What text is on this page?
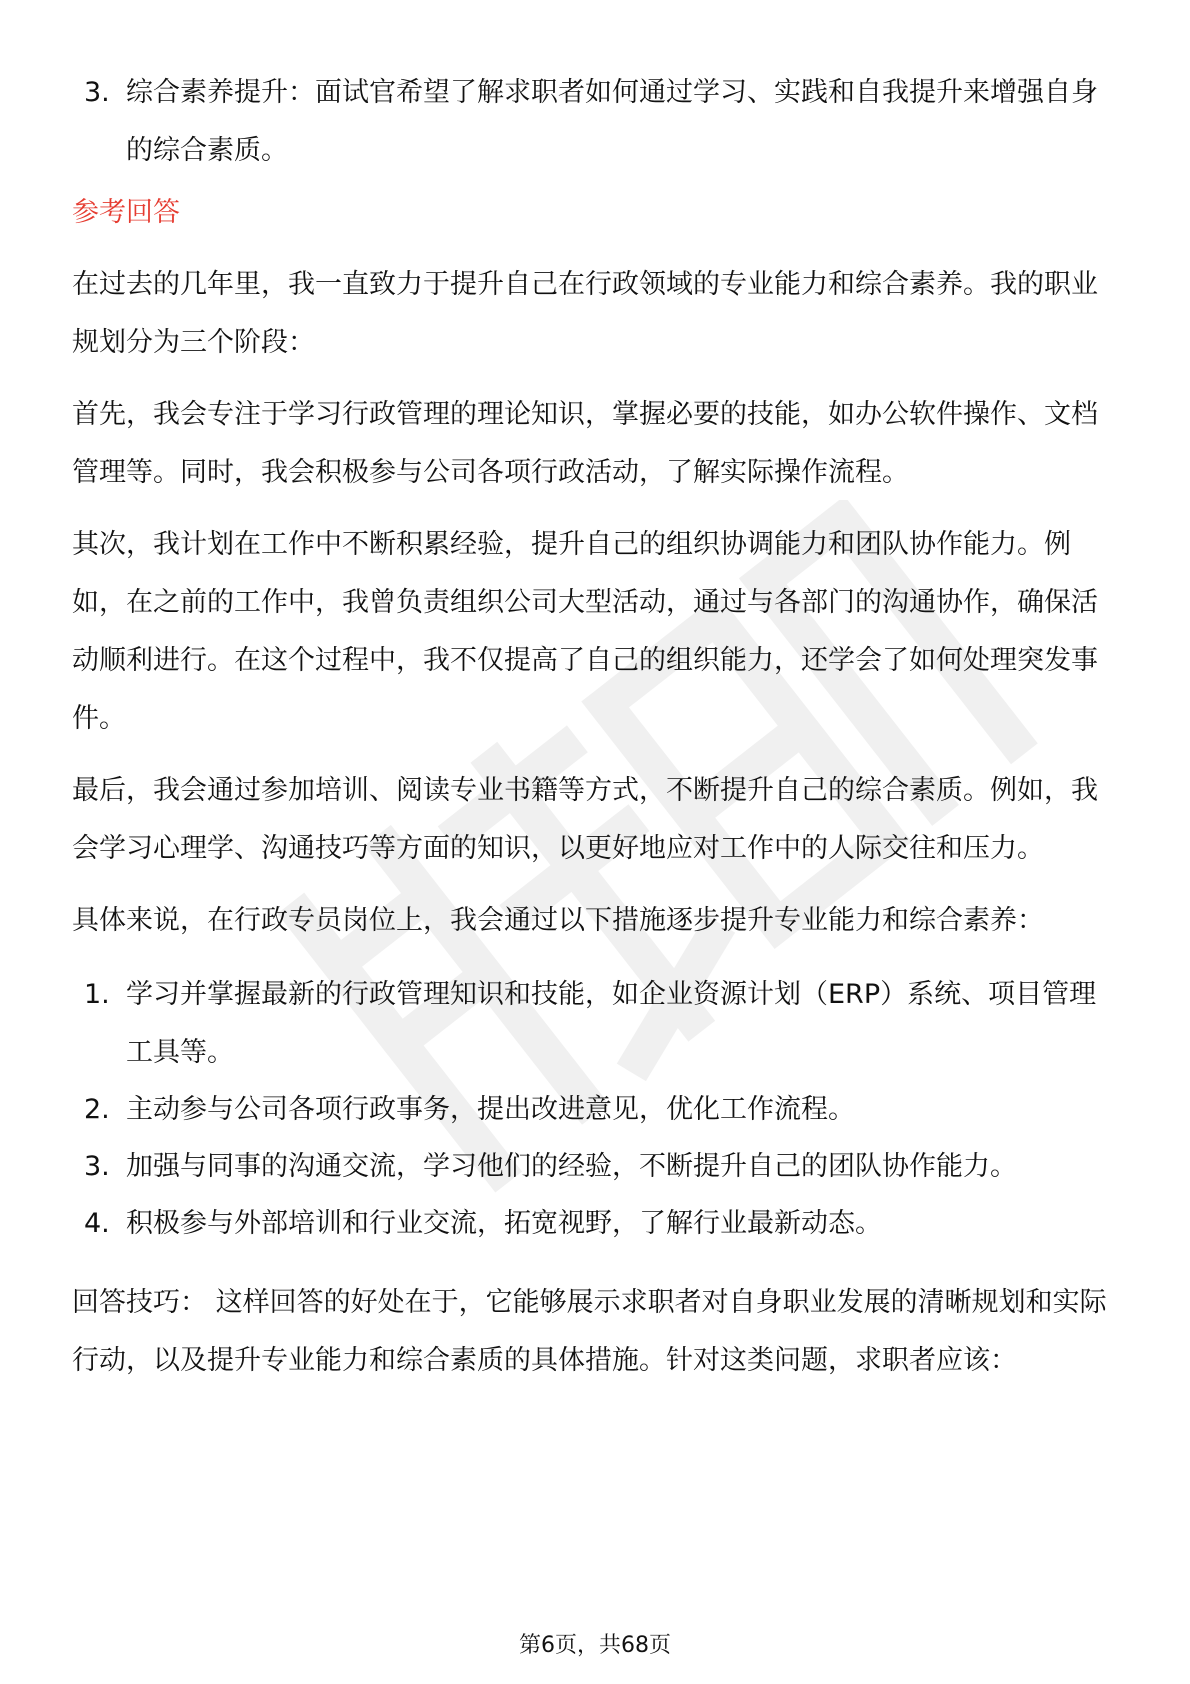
3. 综合素养提升：面试官希望了解求职者如何通过学习、实践和自我提升来增强自身的综合素质。
参考回答

在过去的几年里，我一直致力于提升自己在行政领域的专业能力和综合素养。我的职业规划分为三个阶段：

首先，我会专注于学习行政管理的理论知识，掌握必要的技能，如办公软件操作、文档管理等。同时，我会积极参与公司各项行政活动，了解实际操作流程。

其次，我计划在工作中不断积累经验，提升自己的组织协调能力和团队协作能力。例如，在之前的工作中，我曾负责组织公司大型活动，通过与各部门的沟通协作，确保活动顺利进行。在这个过程中，我不仅提高了自己的组织能力，还学会了如何处理突发事件。

最后，我会通过参加培训、阅读专业书籍等方式，不断提升自己的综合素质。例如，我会学习心理学、沟通技巧等方面的知识，以更好地应对工作中的人际交往和压力。

具体来说，在行政专员岗位上，我会通过以下措施逐步提升专业能力和综合素养：

1. 学习并掌握最新的行政管理知识和技能，如企业资源计划（ERP）系统、项目管理工具等。
2. 主动参与公司各项行政事务，提出改进意见，优化工作流程。
3. 加强与同事的沟通交流，学习他们的经验，不断提升自己的团队协作能力。
4. 积极参与外部培训和行业交流，拓宽视野，了解行业最新动态。

回答技巧： 这样回答的好处在于，它能够展示求职者对自身职业发展的清晰规划和实际行动，以及提升专业能力和综合素质的具体措施。针对这类问题，求职者应该：

第6页，共68页
